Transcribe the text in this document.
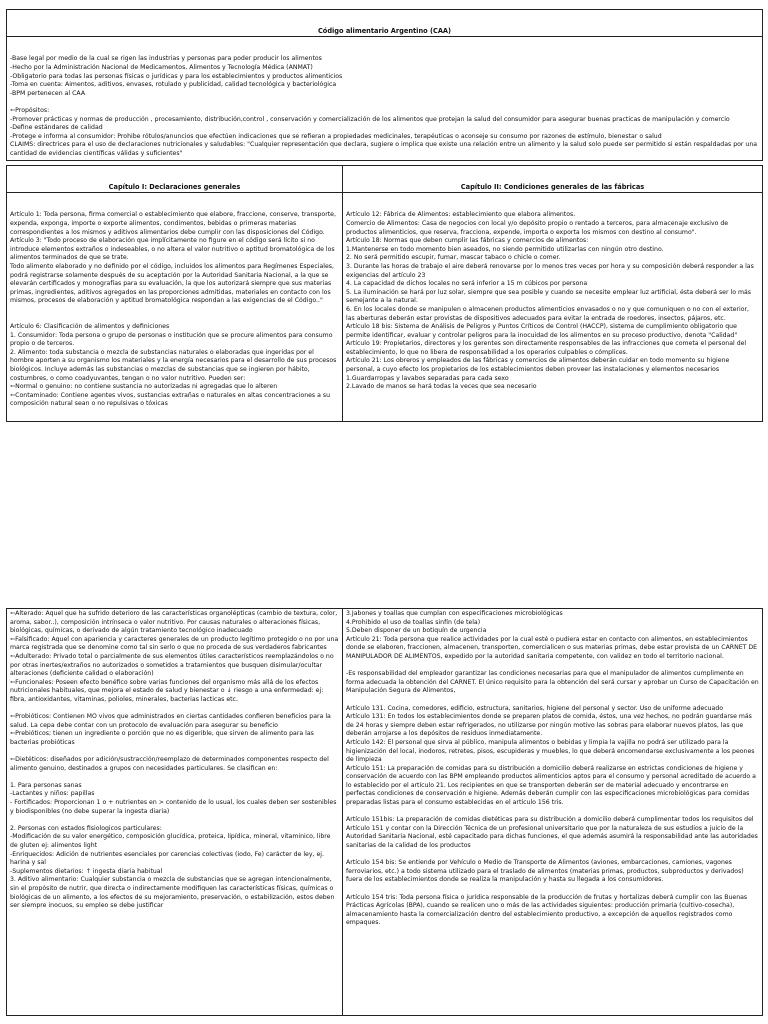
Código alimentario Argentino (CAA)

-Base legal por medio de la cual se rigen las industrias y personas para poder producir los alimentos
-Hecho por la Administración Nacional de Medicamentos, Alimentos y Tecnología Médica (ANMAT)
-Obligatorio para todas las personas físicas o jurídicas y para los establecimientos y productos alimenticios
-Toma en cuenta: Aimentos, aditivos, envases, rotulado y publicidad, calidad tecnológica y bacteriológica
-BPM pertenecen al CAA

➵Propósitos:
-Promover prácticas y normas de producción , procesamiento, distribución,control , conservación y comercialización de los alimentos que protejan la salud del consumidor para asegurar buenas practicas de manipulación y comercio
-Define estándares de calidad
-Protege e informa al consumidor: Prohibe rótulos/anuncios que efectúen indicaciones que se refieran a propiedades medicinales, terapéuticas o aconseje su consumo por razones de estímulo, bienestar o salud
CLAIMS: directrices para el uso de declaraciones nutricionales y saludables: "Cualquier representación que declara, sugiere o implica que existe una relación entre un alimento y la salud solo puede ser permitido si están respaldadas por una cantidad de evidencias científicas válidas y suficientes"

Capítulo I: Declaraciones generales

Artículo 1: Toda persona, firma comercial o establecimiento que elabore, fraccione, conserve, transporte, expenda, exponga, importe o exporte alimentos, condimentos, bebidas o primeras materias correspondientes a los mismos y aditivos alimentarios debe cumplir con las disposiciones del Código.
Artículo 3: "Todo proceso de elaboración que implícitamente no figure en el código será lícito si no introduce elementos extraños o indeseables, o no altera el valor nutritivo o aptitud bromatológica de los alimentos terminados de que se trate.
Todo alimento elaborado y no definido por el código, incluidos los alimentos para Regímenes Especiales, podrá registrarse solamente después de su aceptación por la Autoridad Sanitaria Nacional, a la que se elevarán certificados y monografías para su evaluación, la que los autorizará siempre que sus materias primas, ingredientes, aditivos agregados en las proporciones admitidas, materiales en contacto con los mismos, procesos de elaboración y aptitud bromatológica respondan a las exigencias de el Código.."

Artículo 6: Clasificación de alimentos y definiciones
1. Consumidor: Toda persona o grupo de personas o institución que se procure alimentos para consumo propio o de terceros.
2. Alimento: toda substancia o mezcla de substancias naturales o elaboradas que ingeridas por el hombre aporten a su organismo los materiales y la energía necesarios para el desarrollo de sus procesos biológicos. Incluye además las substancias o mezclas de substancias que se ingieren por hábito, costumbres, o como coadyuvantes, tengan o no valor nutritivo. Pueden ser:
➵Normal o genuino: no contiene sustancia no autorizadas ni agregadas que lo alteren
➵Contaminado: Contiene agentes vivos, sustancias extrañas o naturales en altas concentraciones a su composición natural sean o no repulsivas o tóxicas

Capítulo II: Condiciones generales de las fábricas

Artículo 12: Fábrica de Alimentos: establecimiento que elabora alimentos.
Comercio de Alimentos: Casa de negocios con local y/o depósito propio o rentado a terceros, para almacenaje exclusivo de productos alimenticios, que reserva, fracciona, expende, importa o exporta los mismos con destino al consumo".
Artículo 18: Normas que deben cumplir las fábricas y comercios de alimentos:
1.Mantenerse en todo momento bien aseados, no siendo permitido utilizarlas con ningún otro destino.
2. No será permitido escupir, fumar, mascar tabaco o chicle o comer.
3. Durante las horas de trabajo el aire deberá renovarse por lo menos tres veces por hora y su composición deberá responder a las exigencias del artículo 23
4. La capacidad de dichos locales no será inferior a 15 m cúbicos por persona
5. La iluminación se hará por luz solar, siempre que sea posible y cuando se necesite emplear luz artificial, ésta deberá ser lo más semejante a la natural.
6. En los locales donde se manipulen o almacenen productos alimenticios envasados o no y que comuniquen o no con el exterior, las aberturas deberán estar provistas de dispositivos adecuados para evitar la entrada de roedores, insectos, pájaros, etc.
Artículo 18 bis: Sistema de Análisis de Peligros y Puntos Críticos de Control (HACCP), sistema de cumplimiento obligatorio que permite identificar, evaluar y controlar peligros para la inocuidad de los alimentos en su proceso productivo, denota "Calidad"
Artículo 19: Propietarios, directores y los gerentes son directamente responsables de las infracciones que cometa el personal del establecimiento, lo que no libera de responsabilidad a los operarios culpables o cómplices.
Artículo 21: Los obreros y empleados de las fábricas y comercios de alimentos deberán cuidar en todo momento su higiene personal, a cuyo efecto los propietarios de los establecimientos deben proveer las instalaciones y elementos necesarios
1.Guardarropas y lavabos separadas para cada sexo
2.Lavado de manos se hará todas la veces que sea necesario

➵Alterado: Aquel que ha sufrido deterioro de las características organolépticas (cambio de textura, color, aroma, sabor..), composición intrínseca o valor nutritivo. Por causas naturales o alteraciones físicas, biológicas, químicas, o derivado de algún tratamiento tecnológico inadecuado
➵Falsificado: Aquel con apariencia y caracteres generales de un producto legítimo protegido o no por una marca registrada que se denomine como tal sin serlo o que no proceda de sus verdaderos fabricantes
➵Adulterado: Privado total o parcialmente de sus elementos útiles característicos reemplazándolos o no por otras inertes/extraños no autorizados o sometidos a tratamientos que busquen disimular/ocultar alteraciones (deficiente calidad o elaboración)
➵Funcionales: Poseen efecto benéfico sobre varias funciones del organismo más allá de los efectos nutricionales habituales, que mejora el estado de salud y bienestar o ↓ riesgo a una enfermedad: ej: fibra, antioxidantes, vitaminas, polioles, minerales, bacterias lacticas etc.

➵Probióticos: Contienen MO vivos que administrados en ciertas cantidades confieren beneficios para la salud. La cepa debe contar con un protocolo de evaluación para asegurar su beneficio
➵Prebióticos; tienen un ingrediente o porción que no es digerible, que sirven de alimento para las bacterias probióticas

➵Dietéticos: diseñados por adición/sustracción/reemplazo de determinados componentes respecto del alimento genuino, destinados a grupos con necesidades particulares. Se clasifican en:

1. Para personas sanas
-Lactantes y niños: papillas
- Fortificados: Proporcionan 1 o + nutrientes en > contenido de lo usual, los cuales deben ser sostenibles y biodisponibles (no debe superar la ingesta diaria)

2. Personas con estados fisiologicos particulares:
-Modificación de su valor energético, composición glucídica, proteica, lipídica, mineral, vitaminico, libre de gluten ej: alimentos light
-Enriquecidos: Adición de nutrientes esenciales por carencias colectivas (iodo, Fe) carácter de ley, ej. harina y sal
-Suplementos dietarios: ↑ ingesta diaria habitual
3. Aditivo alimentario: Cualquier substancia o mezcla de substancias que se agregan intencionalmente, sin el propósito de nutrir, que directa o indirectamente modifiquen las características físicas, químicas o biológicas de un alimento, a los efectos de su mejoramiento, preservación, o estabilización, estos deben ser siempre inocuos, su empleo se debe justificar
3.Jabones y toallas que cumplan con especificaciones microbiológicas
4.Prohibido el uso de toallas sinfín (de tela)
5.Deben disponer de un botiquín de urgencia
Artículo 21: Toda persona que realice actividades por la cual esté o pudiera estar en contacto con alimentos, en establecimientos donde se elaboren, fraccionen, almacenen, transporten, comercialicen o sus materias primas, debe estar provista de un CARNET DE MANIPULADOR DE ALIMENTOS, expedido por la autoridad sanitaria competente, con validez en todo el territorio nacional.

-Es responsabilidad del empleador garantizar las condiciones necesarias para que el manipulador de alimentos cumplimente en forma adecuada la obtención del CARNET. El único requisito para la obtención del será cursar y aprobar un Curso de Capacitación en Manipulación Segura de Alimentos,

Artículo 131. Cocina, comedores, edificio, estructura, sanitarios, higiene del personal y sector. Uso de uniforme adecuado
Artículo 131: En todos los establecimientos donde se preparen platos de comida, éstos, una vez hechos, no podrán guardarse más de 24 horas y siempre deben estar refrigerados, no utilizarse por ningún motivo las sobras para elaborar nuevos platos, las que deberán arrojarse a los depósitos de residuos inmediatamente.
Artículo 142: El personal que sirva al público, manipula alimentos o bebidas y limpia la vajilla no podrá ser utilizado para la higienización del local, inodoros, retretes, pisos, escupideras y muebles, lo que deberá encomendarse exclusivamente a los peones de limpieza
Artículo 151: La preparación de comidas para su distribución a domicilio deberá realizarse en estrictas condiciones de higiene y conservación de acuerdo con las BPM empleando productos alimenticios aptos para el consumo y personal acreditado de acuerdo a lo establecido por el artículo 21. Los recipientes en que se transporten deberán ser de material adecuado y encontrarse en perfectas condiciones de conservación e higiene. Además deberán cumplir con las especificaciones microbiológicas para comidas preparadas listas para el consumo establecidas en el artículo 156 tris.

Artículo 151bis: La preparación de comidas dietéticas para su distribución a domicilio deberá cumplimentar todos los requisitos del Artículo 151 y contar con la Dirección Técnica de un profesional universitario que por la naturaleza de sus estudios a juicio de la Autoridad Sanitaria Nacional, esté capacitado para dichas funciones, el que además asumirá la responsabilidad ante las autoridades sanitarias de la calidad de los productos

Artículo 154 bis: Se entiende por Vehículo o Medio de Transporte de Alimentos (aviones, embarcaciones, camiones, vagones ferroviarios, etc.) a todo sistema utilizado para el traslado de alimentos (materias primas, productos, subproductos y derivados) fuera de los establecimientos donde se realiza la manipulación y hasta su llegada a los consumidores.

Artículo 154 tris: Toda persona física o jurídica responsable de la producción de frutas y hortalizas deberá cumplir con las Buenas Prácticas Agrícolas (BPA), cuando se realicen uno o más de las actividades siguientes: producción primaria (cultivo-cosecha), almacenamiento hasta la comercialización dentro del establecimiento productivo, a excepción de aquellos registrados como empaques.
